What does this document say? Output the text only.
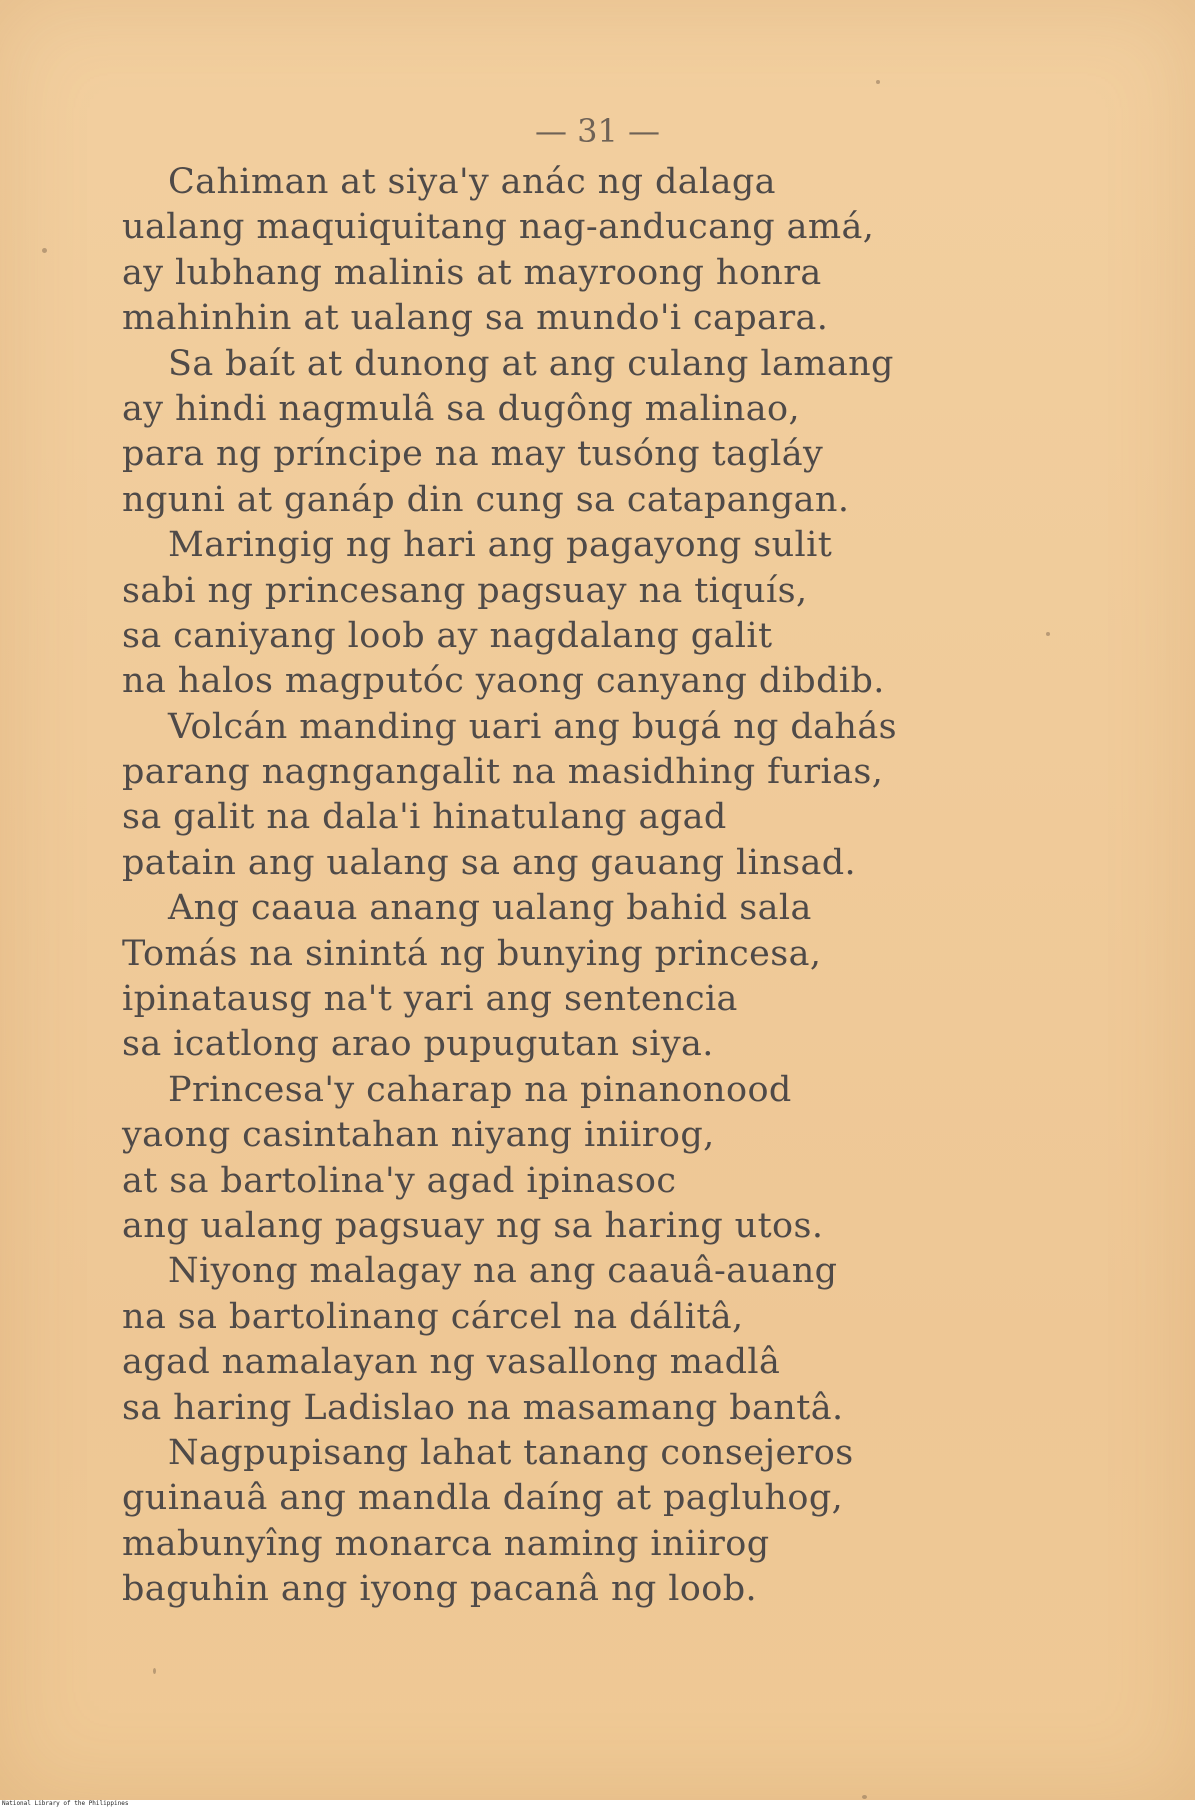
— 31 —
Cahiman at siya'y anác ng dalaga
ualang maquiquitang nag-anducang amá,
ay lubhang malinis at mayroong honra
mahinhin at ualang sa mundo'i capara.
Sa baít at dunong at ang culang lamang
ay hindi nagmulâ sa dugông malinao,
para ng príncipe na may tusóng tagláy
nguni at ganáp din cung sa catapangan.
Maringig ng hari ang pagayong sulit
sabi ng princesang pagsuay na tiquís,
sa caniyang loob ay nagdalang galit
na halos magputóc yaong canyang dibdib.
Volcán manding uari ang bugá ng dahás
parang nagngangalit na masidhing furias,
sa galit na dala'i hinatulang agad
patain ang ualang sa ang gauang linsad.
Ang caaua anang ualang bahid sala
Tomás na sinintá ng bunying princesa,
ipinatausg na't yari ang sentencia
sa icatlong arao pupugutan siya.
Princesa'y caharap na pinanonood
yaong casintahan niyang iniirog,
at sa bartolina'y agad ipinasoc
ang ualang pagsuay ng sa haring utos.
Niyong malagay na ang caauâ-auang
na sa bartolinang cárcel na dálitâ,
agad namalayan ng vasallong madlâ
sa haring Ladislao na masamang bantâ.
Nagpupisang lahat tanang consejeros
guinauâ ang mandla daíng at pagluhog,
mabunyîng monarca naming iniirog
baguhin ang iyong pacanâ ng loob.
National Library of the Philippines
